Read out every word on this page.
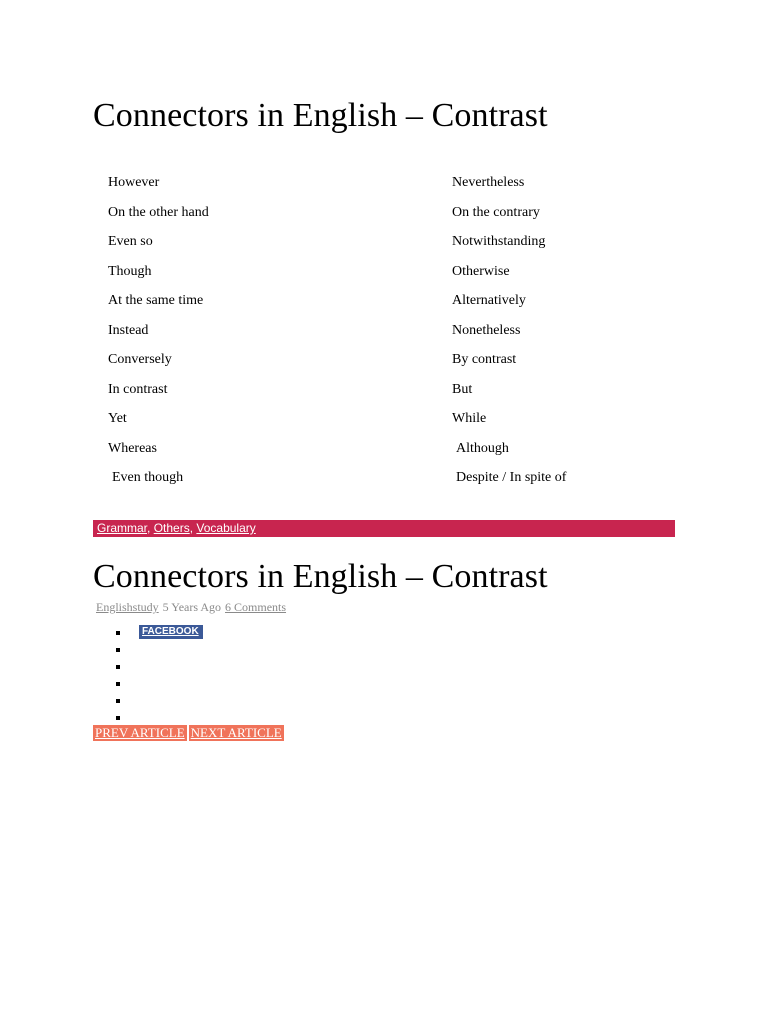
Connectors in English – Contrast
However	Nevertheless
On the other hand	On the contrary
Even so	Notwithstanding
Though	Otherwise
At the same time	Alternatively
Instead	Nonetheless
Conversely	By contrast
In contrast	But
Yet	While
Whereas	Although
Even though	Despite / In spite of
Grammar, Others, Vocabulary
Connectors in English – Contrast
Englishstudy 5 Years Ago 6 Comments
FACEBOOK
PREV ARTICLE NEXT ARTICLE
